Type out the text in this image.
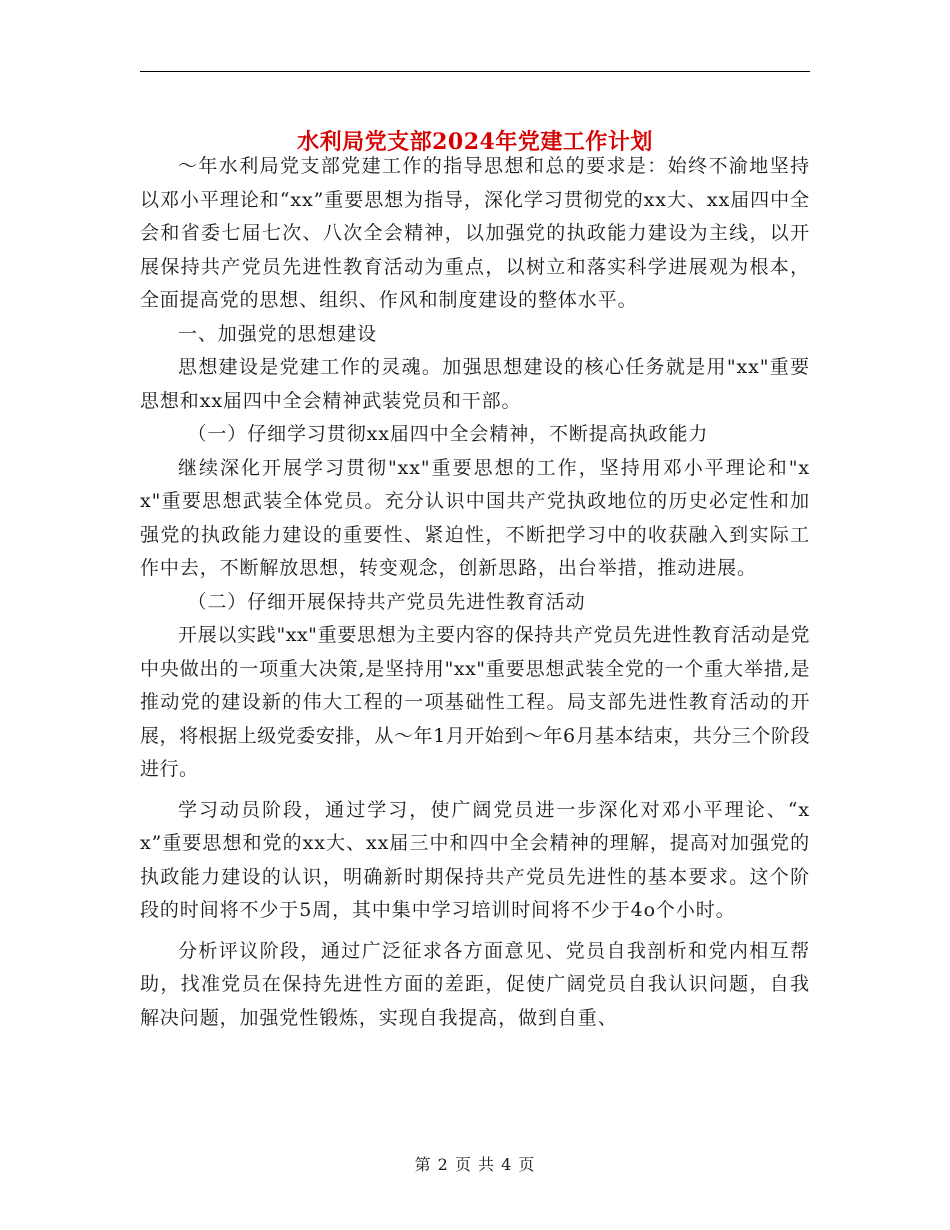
水利局党支部2024年党建工作计划

～年水利局党支部党建工作的指导思想和总的要求是：始终不渝地坚持以邓小平理论和“xx”重要思想为指导，深化学习贯彻党的xx大、xx届四中全会和省委七届七次、八次全会精神，以加强党的执政能力建设为主线，以开展保持共产党员先进性教育活动为重点，以树立和落实科学进展观为根本，全面提高党的思想、组织、作风和制度建设的整体水平。

一、加强党的思想建设

思想建设是党建工作的灵魂。加强思想建设的核心任务就是用"xx"重要思想和xx届四中全会精神武装党员和干部。

（一）仔细学习贯彻xx届四中全会精神，不断提高执政能力

继续深化开展学习贯彻"xx"重要思想的工作，坚持用邓小平理论和"xx"重要思想武装全体党员。充分认识中国共产党执政地位的历史必定性和加强党的执政能力建设的重要性、紧迫性，不断把学习中的收获融入到实际工作中去，不断解放思想，转变观念，创新思路，出台举措，推动进展。

（二）仔细开展保持共产党员先进性教育活动

开展以实践"xx"重要思想为主要内容的保持共产党员先进性教育活动是党中央做出的一项重大决策,是坚持用"xx"重要思想武装全党的一个重大举措,是推动党的建设新的伟大工程的一项基础性工程。局支部先进性教育活动的开展，将根据上级党委安排，从～年1月开始到～年6月基本结束，共分三个阶段进行。

学习动员阶段，通过学习，使广阔党员进一步深化对邓小平理论、“xx”重要思想和党的xx大、xx届三中和四中全会精神的理解，提高对加强党的执政能力建设的认识，明确新时期保持共产党员先进性的基本要求。这个阶段的时间将不少于5周，其中集中学习培训时间将不少于4o个小时。

分析评议阶段，通过广泛征求各方面意见、党员自我剖析和党内相互帮助，找准党员在保持先进性方面的差距，促使广阔党员自我认识问题，自我解决问题，加强党性锻炼，实现自我提高，做到自重、

第 2 页 共 4 页
